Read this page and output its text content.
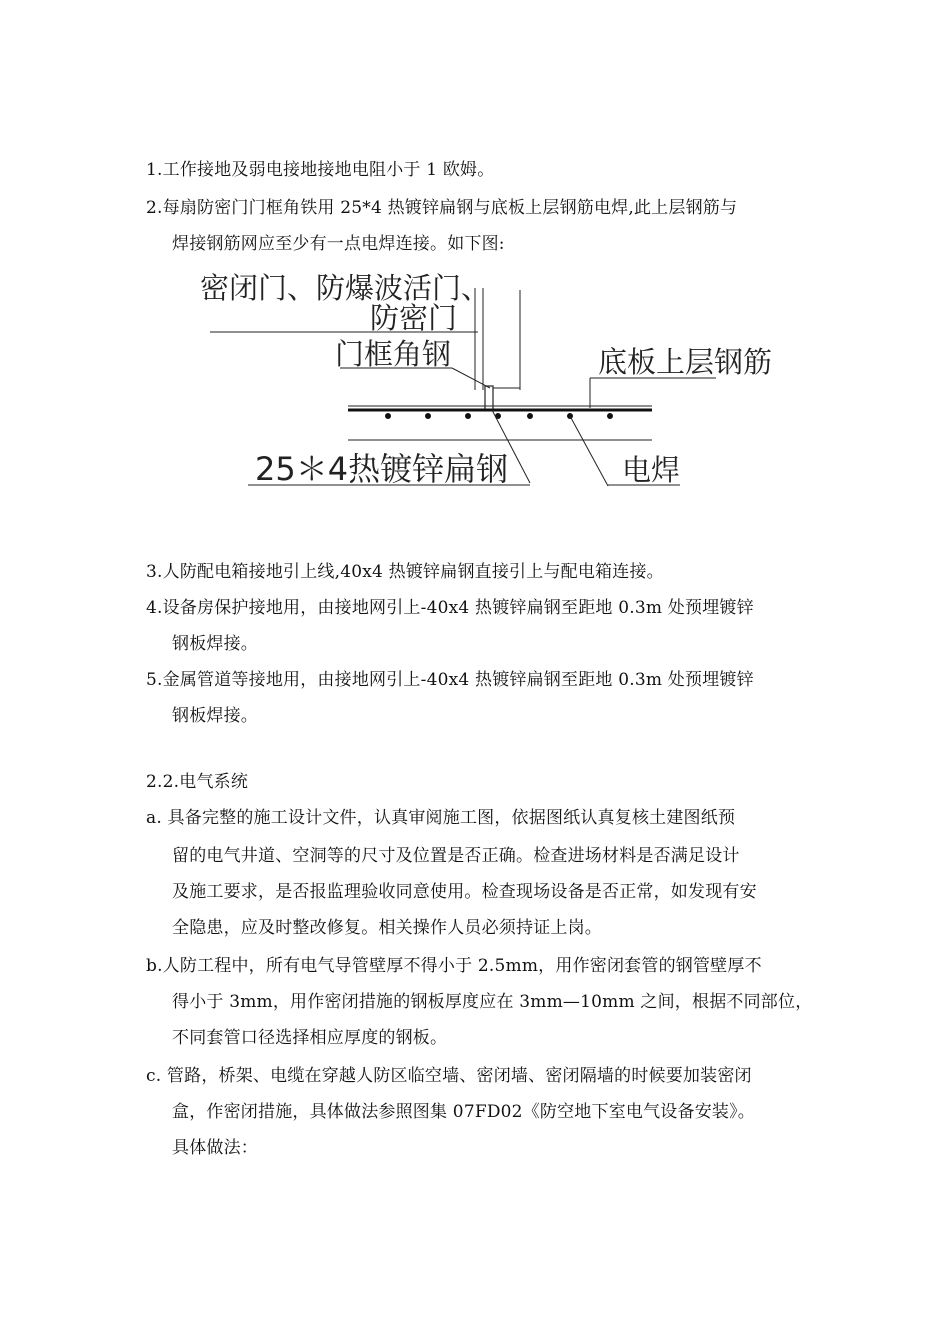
1.工作接地及弱电接地接地电阻小于 1 欧姆。
2.每扇防密门门框角铁用 25*4 热镀锌扁钢与底板上层钢筋电焊,此上层钢筋与
焊接钢筋网应至少有一点电焊连接。如下图:
密闭门、防爆波活门、
防密门
门框角钢	底板上层钢筋
25＊4热镀锌扁钢	电焊
3.人防配电箱接地引上线,40x4 热镀锌扁钢直接引上与配电箱连接。
4.设备房保护接地用，由接地网引上-40x4 热镀锌扁钢至距地 0.3m 处预埋镀锌
钢板焊接。
5.金属管道等接地用，由接地网引上-40x4 热镀锌扁钢至距地 0.3m 处预埋镀锌
钢板焊接。
2.2.电气系统
a. 具备完整的施工设计文件，认真审阅施工图，依据图纸认真复核土建图纸预
留的电气井道、空洞等的尺寸及位置是否正确。检查进场材料是否满足设计
及施工要求，是否报监理验收同意使用。检查现场设备是否正常，如发现有安
全隐患，应及时整改修复。相关操作人员必须持证上岗。
b.人防工程中，所有电气导管壁厚不得小于 2.5mm，用作密闭套管的钢管壁厚不
得小于 3mm，用作密闭措施的钢板厚度应在 3mm—10mm 之间，根据不同部位，
不同套管口径选择相应厚度的钢板。
c. 管路，桥架、电缆在穿越人防区临空墙、密闭墙、密闭隔墙的时候要加装密闭
盒，作密闭措施，具体做法参照图集 07FD02《防空地下室电气设备安装》。
具体做法：
